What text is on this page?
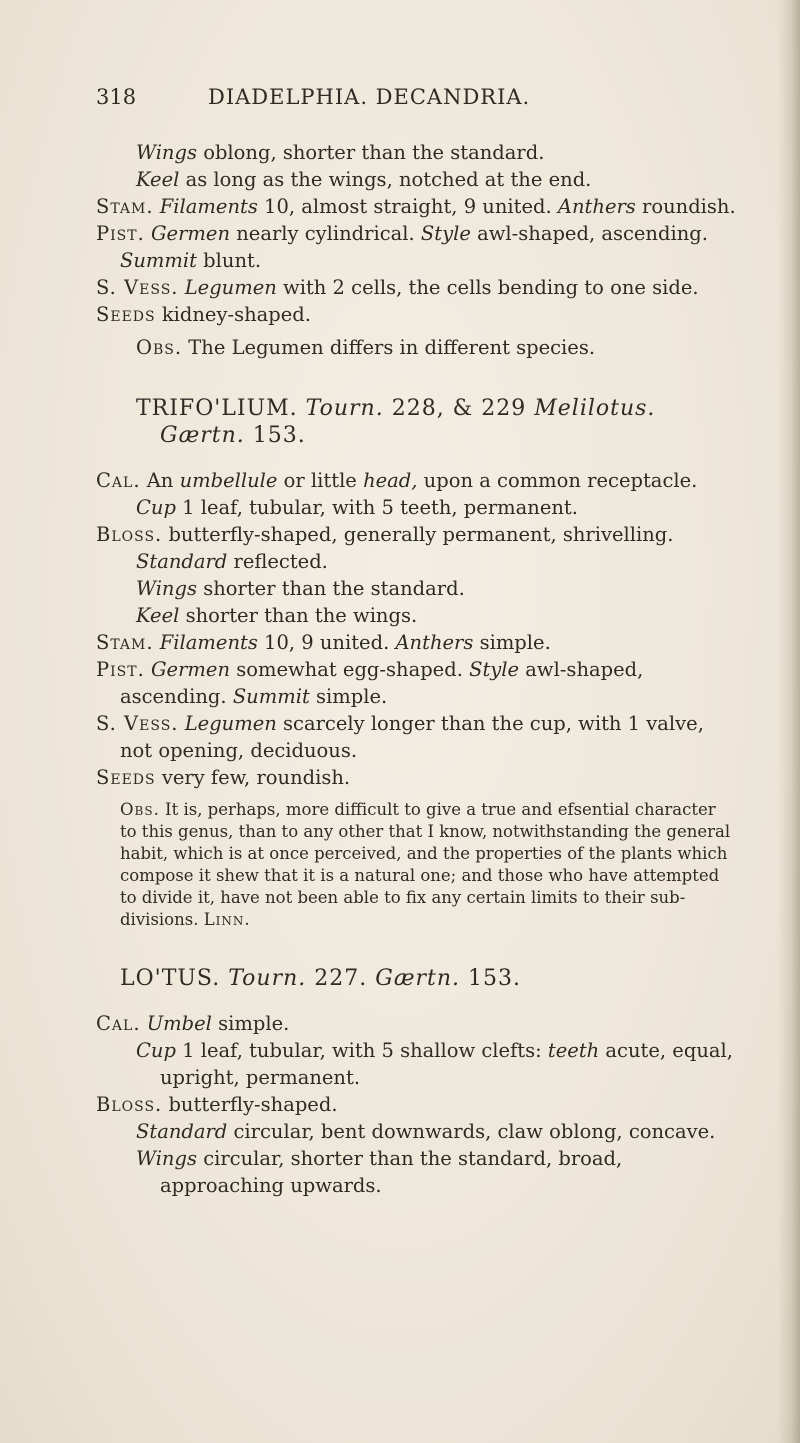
318	DIADELPHIA. DECANDRIA.

Wings oblong, shorter than the standard.

Keel as long as the wings, notched at the end.

Stam. Filaments 10, almost straight, 9 united. Anthers roundish.

Pist. Germen nearly cylindrical. Style awl-shaped, ascending. Summit blunt.

S. Vess. Legumen with 2 cells, the cells bending to one side.

Seeds kidney-shaped.

Obs. The Legumen differs in different species.

TRIFO'LIUM. Tourn. 228, & 229 Melilotus. Gærtn. 153.

Cal. An umbellule or little head, upon a common receptacle.

Cup 1 leaf, tubular, with 5 teeth, permanent.

Bloss. butterfly-shaped, generally permanent, shrivelling.

Standard reflected.

Wings shorter than the standard.

Keel shorter than the wings.

Stam. Filaments 10, 9 united. Anthers simple.

Pist. Germen somewhat egg-shaped. Style awl-shaped, ascending. Summit simple.

S. Vess. Legumen scarcely longer than the cup, with 1 valve, not opening, deciduous.

Seeds very few, roundish.

Obs. It is, perhaps, more difficult to give a true and efsential character to this genus, than to any other that I know, notwithstanding the general habit, which is at once perceived, and the properties of the plants which compose it shew that it is a natural one; and those who have attempted to divide it, have not been able to fix any certain limits to their sub-divisions. Linn.

LO'TUS. Tourn. 227. Gærtn. 153.

Cal. Umbel simple.

Cup 1 leaf, tubular, with 5 shallow clefts: teeth acute, equal, upright, permanent.

Bloss. butterfly-shaped.

Standard circular, bent downwards, claw oblong, concave.

Wings circular, shorter than the standard, broad, approaching upwards.
